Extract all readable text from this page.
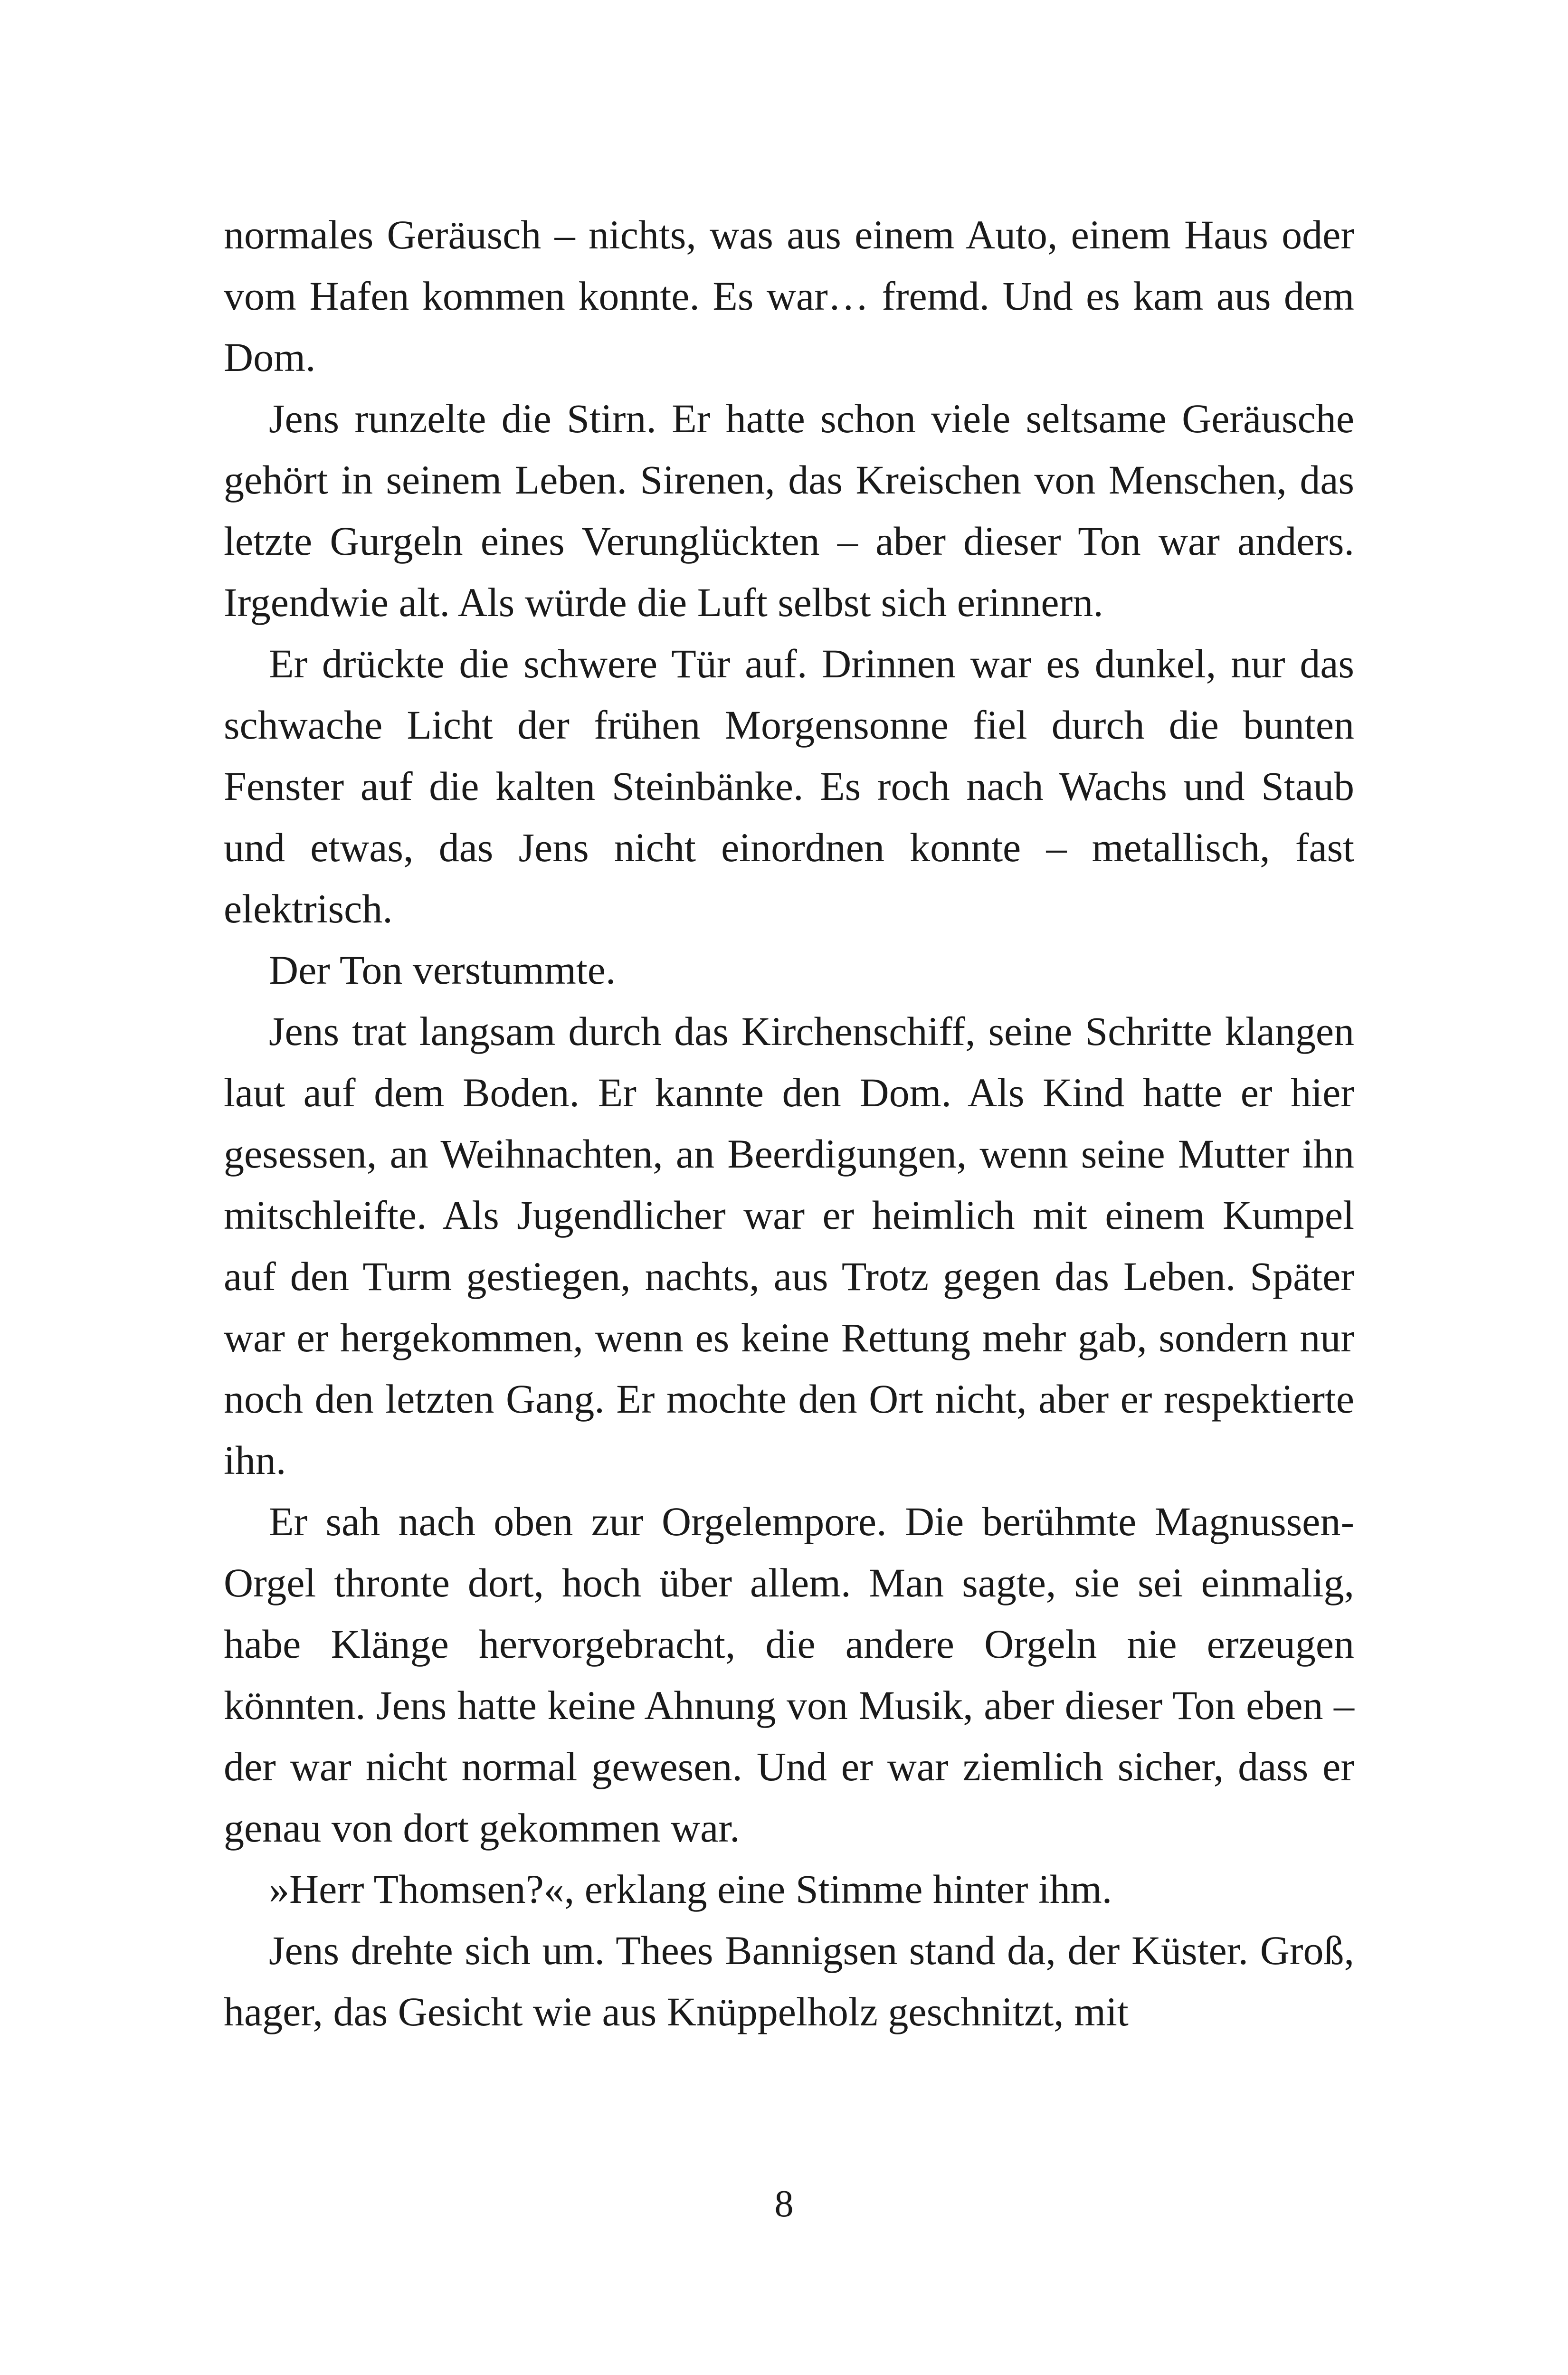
normales Geräusch – nichts, was aus einem Auto, einem Haus oder vom Hafen kommen konnte. Es war… fremd. Und es kam aus dem Dom.

Jens runzelte die Stirn. Er hatte schon viele seltsame Geräusche gehört in seinem Leben. Sirenen, das Kreischen von Menschen, das letzte Gurgeln eines Verunglückten – aber dieser Ton war anders. Irgendwie alt. Als würde die Luft selbst sich erinnern.

Er drückte die schwere Tür auf. Drinnen war es dunkel, nur das schwache Licht der frühen Morgensonne fiel durch die bunten Fenster auf die kalten Steinbänke. Es roch nach Wachs und Staub und etwas, das Jens nicht einordnen konnte – metallisch, fast elektrisch.

Der Ton verstummte.

Jens trat langsam durch das Kirchenschiff, seine Schritte klangen laut auf dem Boden. Er kannte den Dom. Als Kind hatte er hier gesessen, an Weihnachten, an Beerdigungen, wenn seine Mutter ihn mitschleifte. Als Jugendlicher war er heimlich mit einem Kumpel auf den Turm gestiegen, nachts, aus Trotz gegen das Leben. Später war er hergekommen, wenn es keine Rettung mehr gab, sondern nur noch den letzten Gang. Er mochte den Ort nicht, aber er respektierte ihn.

Er sah nach oben zur Orgelempore. Die berühmte Magnussen-Orgel thronte dort, hoch über allem. Man sagte, sie sei einmalig, habe Klänge hervorgebracht, die andere Orgeln nie erzeugen könnten. Jens hatte keine Ahnung von Musik, aber dieser Ton eben – der war nicht normal gewesen. Und er war ziemlich sicher, dass er genau von dort gekommen war.

»Herr Thomsen?«, erklang eine Stimme hinter ihm.

Jens drehte sich um. Thees Bannigsen stand da, der Küster. Groß, hager, das Gesicht wie aus Knüppelholz geschnitzt, mit

8
